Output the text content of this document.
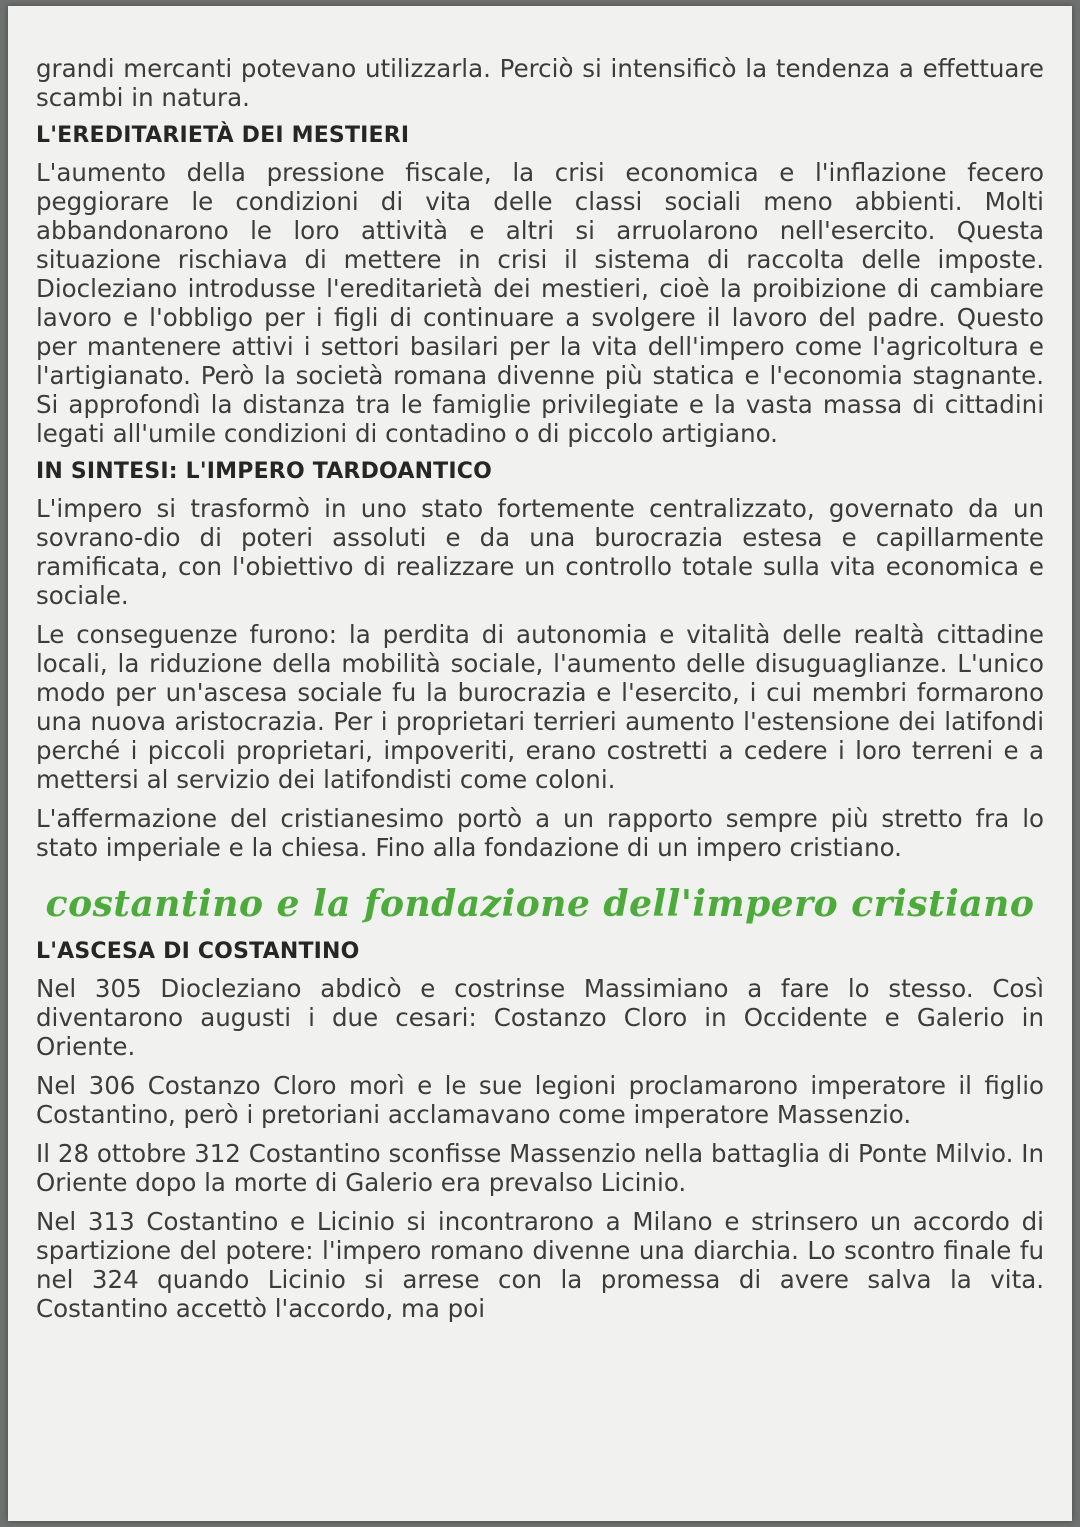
grandi mercanti potevano utilizzarla. Perciò si intensificò la tendenza a effettuare scambi in natura.

L'EREDITARIETÀ DEI MESTIERI

L'aumento della pressione fiscale, la crisi economica e l'inflazione fecero peggiorare le condizioni di vita delle classi sociali meno abbienti. Molti abbandonarono le loro attività e altri si arruolarono nell'esercito. Questa situazione rischiava di mettere in crisi il sistema di raccolta delle imposte. Diocleziano introdusse l'ereditarietà dei mestieri, cioè la proibizione di cambiare lavoro e l'obbligo per i figli di continuare a svolgere il lavoro del padre. Questo per mantenere attivi i settori basilari per la vita dell'impero come l'agricoltura e l'artigianato. Però la società romana divenne più statica e l'economia stagnante. Si approfondì la distanza tra le famiglie privilegiate e la vasta massa di cittadini legati all'umile condizioni di contadino o di piccolo artigiano.

IN SINTESI: L'IMPERO TARDOANTICO

L'impero si trasformò in uno stato fortemente centralizzato, governato da un sovrano-dio di poteri assoluti e da una burocrazia estesa e capillarmente ramificata, con l'obiettivo di realizzare un controllo totale sulla vita economica e sociale.

Le conseguenze furono: la perdita di autonomia e vitalità delle realtà cittadine locali, la riduzione della mobilità sociale, l'aumento delle disuguaglianze. L'unico modo per un'ascesa sociale fu la burocrazia e l'esercito, i cui membri formarono una nuova aristocrazia. Per i proprietari terrieri aumento l'estensione dei latifondi perché i piccoli proprietari, impoveriti, erano costretti a cedere i loro terreni e a mettersi al servizio dei latifondisti come coloni.

L'affermazione del cristianesimo portò a un rapporto sempre più stretto fra lo stato imperiale e la chiesa. Fino alla fondazione di un impero cristiano.

costantino e la fondazione dell'impero cristiano
L'ASCESA DI COSTANTINO

Nel 305 Diocleziano abdicò e costrinse Massimiano a fare lo stesso. Così diventarono augusti i due cesari: Costanzo Cloro in Occidente e Galerio in Oriente.

Nel 306 Costanzo Cloro morì e le sue legioni proclamarono imperatore il figlio Costantino, però i pretoriani acclamavano come imperatore Massenzio.

Il 28 ottobre 312 Costantino sconfisse Massenzio nella battaglia di Ponte Milvio. In Oriente dopo la morte di Galerio era prevalso Licinio.

Nel 313 Costantino e Licinio si incontrarono a Milano e strinsero un accordo di spartizione del potere: l'impero romano divenne una diarchia. Lo scontro finale fu nel 324 quando Licinio si arrese con la promessa di avere salva la vita. Costantino accettò l'accordo, ma poi
